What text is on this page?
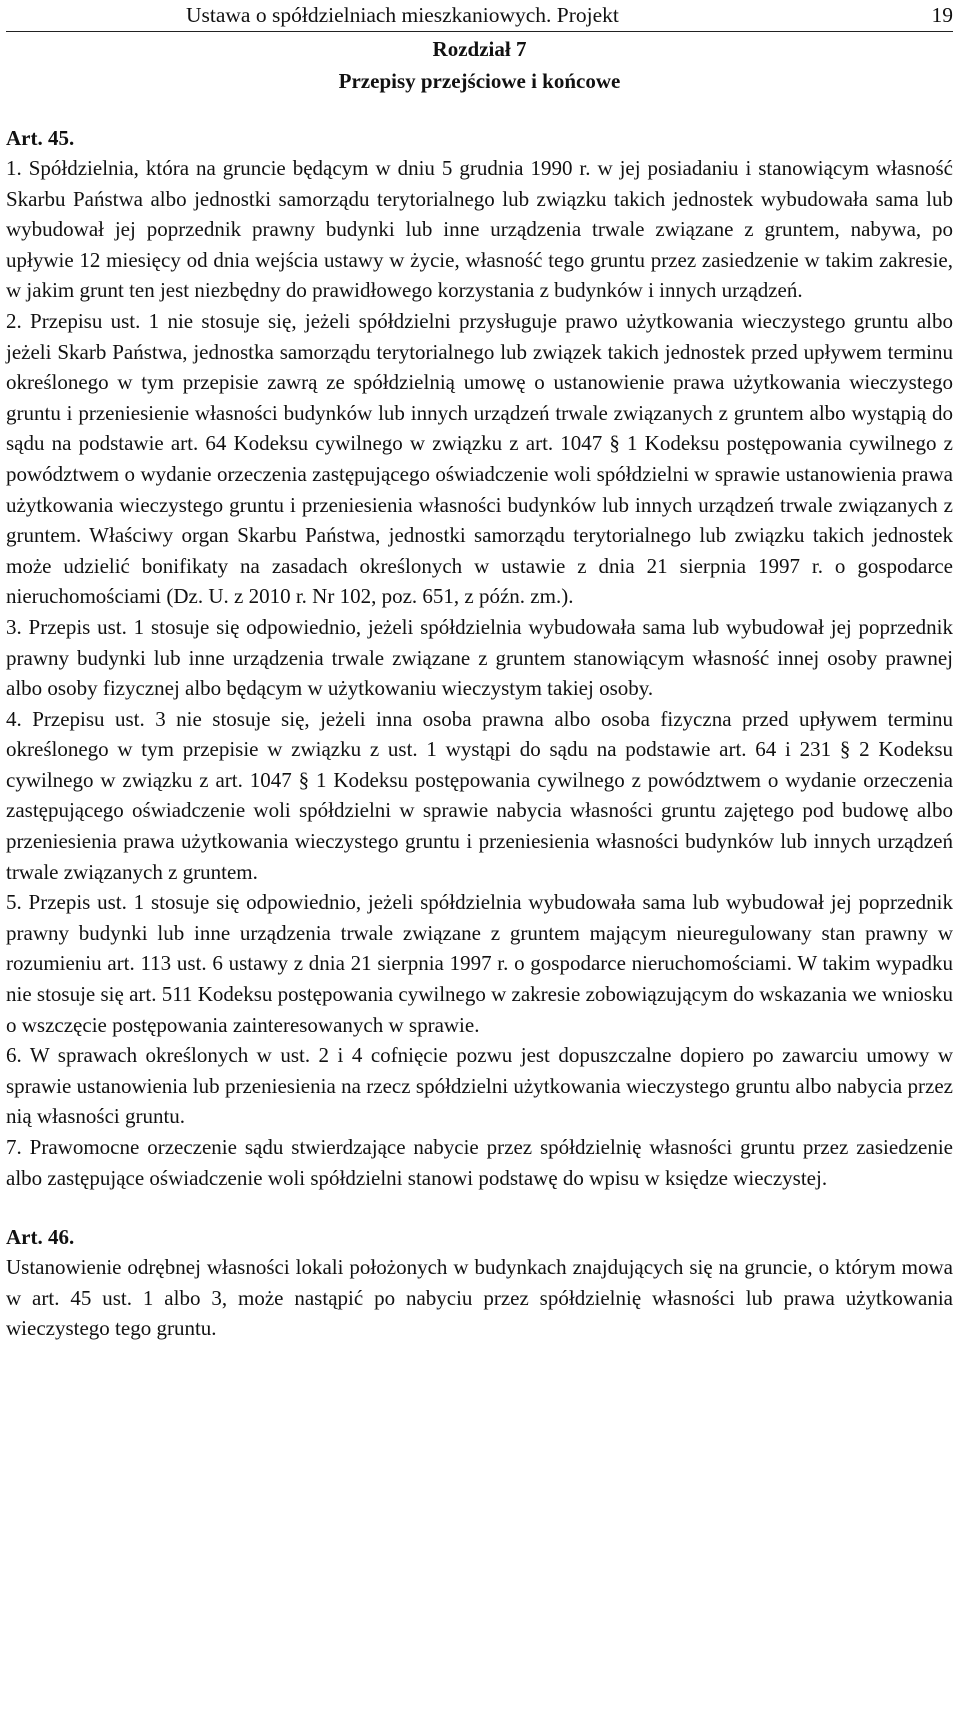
Ustawa o spółdzielniach mieszkaniowych. Projekt	19
Rozdział 7
Przepisy przejściowe i końcowe
Art. 45.

1. Spółdzielnia, która na gruncie będącym w dniu 5 grudnia 1990 r. w jej posiadaniu i stanowiącym własność Skarbu Państwa albo jednostki samorządu terytorialnego lub związku takich jednostek wybudowała sama lub wybudował jej poprzednik prawny budynki lub inne urządzenia trwale związane z gruntem, nabywa, po upływie 12 miesięcy od dnia wejścia ustawy w życie, własność tego gruntu przez zasiedzenie w takim zakresie, w jakim grunt ten jest niezbędny do prawidłowego korzystania z budynków i innych urządzeń.

2. Przepisu ust. 1 nie stosuje się, jeżeli spółdzielni przysługuje prawo użytkowania wieczystego gruntu albo jeżeli Skarb Państwa, jednostka samorządu terytorialnego lub związek takich jednostek przed upływem terminu określonego w tym przepisie zawrą ze spółdzielnią umowę o ustanowienie prawa użytkowania wieczystego gruntu i przeniesienie własności budynków lub innych urządzeń trwale związanych z gruntem albo wystąpią do sądu na podstawie art. 64 Kodeksu cywilnego w związku z art. 1047 § 1 Kodeksu postępowania cywilnego z powództwem o wydanie orzeczenia zastępującego oświadczenie woli spółdzielni w sprawie ustanowienia prawa użytkowania wieczystego gruntu i przeniesienia własności budynków lub innych urządzeń trwale związanych z gruntem. Właściwy organ Skarbu Państwa, jednostki samorządu terytorialnego lub związku takich jednostek może udzielić bonifikaty na zasadach określonych w ustawie z dnia 21 sierpnia 1997 r. o gospodarce nieruchomościami (Dz. U. z 2010 r. Nr 102, poz. 651, z późn. zm.).

3. Przepis ust. 1 stosuje się odpowiednio, jeżeli spółdzielnia wybudowała sama lub wybudował jej poprzednik prawny budynki lub inne urządzenia trwale związane z gruntem stanowiącym własność innej osoby prawnej albo osoby fizycznej albo będącym w użytkowaniu wieczystym takiej osoby.

4. Przepisu ust. 3 nie stosuje się, jeżeli inna osoba prawna albo osoba fizyczna przed upływem terminu określonego w tym przepisie w związku z ust. 1 wystąpi do sądu na podstawie art. 64 i 231 § 2 Kodeksu cywilnego w związku z art. 1047 § 1 Kodeksu postępowania cywilnego z powództwem o wydanie orzeczenia zastępującego oświadczenie woli spółdzielni w sprawie nabycia własności gruntu zajętego pod budowę albo przeniesienia prawa użytkowania wieczystego gruntu i przeniesienia własności budynków lub innych urządzeń trwale związanych z gruntem.

5. Przepis ust. 1 stosuje się odpowiednio, jeżeli spółdzielnia wybudowała sama lub wybudował jej poprzednik prawny budynki lub inne urządzenia trwale związane z gruntem mającym nieuregulowany stan prawny w rozumieniu art. 113 ust. 6 ustawy z dnia 21 sierpnia 1997 r. o gospodarce nieruchomościami. W takim wypadku nie stosuje się art. 511 Kodeksu postępowania cywilnego w zakresie zobowiązującym do wskazania we wniosku o wszczęcie postępowania zainteresowanych w sprawie.

6. W sprawach określonych w ust. 2 i 4 cofnięcie pozwu jest dopuszczalne dopiero po zawarciu umowy w sprawie ustanowienia lub przeniesienia na rzecz spółdzielni użytkowania wieczystego gruntu albo nabycia przez nią własności gruntu.

7. Prawomocne orzeczenie sądu stwierdzające nabycie przez spółdzielnię własności gruntu przez zasiedzenie albo zastępujące oświadczenie woli spółdzielni stanowi podstawę do wpisu w księdze wieczystej.

Art. 46.

Ustanowienie odrębnej własności lokali położonych w budynkach znajdujących się na gruncie, o którym mowa w art. 45 ust. 1 albo 3, może nastąpić po nabyciu przez spółdzielnię własności lub prawa użytkowania wieczystego tego gruntu.
